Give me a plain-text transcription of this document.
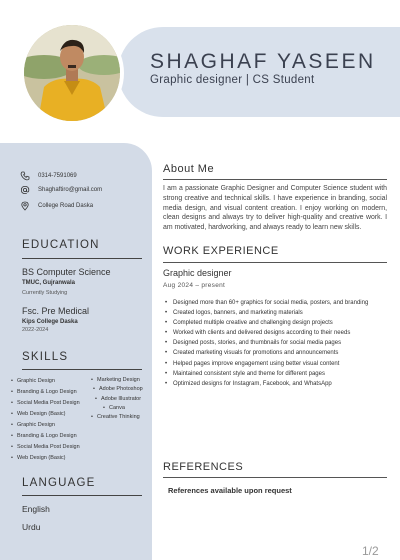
SHAGHAF YASEEN
Graphic designer | CS Student
0314-7591069
Shaghaftiro@gmail.com
College Road Daska
EDUCATION
BS Computer Science
TMUC, Gujranwala
Currently Studying
Fsc. Pre Medical
Kips College Daska
2022-2024
SKILLS
• Graphic Design
• Branding & Logo Design
• Social Media Post Design
• Web Design (Basic)
• Graphic Design
• Branding & Logo Design
• Social Media Post Design
• Web Design (Basic)
• Marketing Design
• Adobe Photoshop
• Adobe Illustrator
• Canva
• Creative Thinking
LANGUAGE
English
Urdu
About Me
I am a passionate Graphic Designer and Computer Science student with strong creative and technical skills. I have experience in branding, social media design, and visual content creation. I enjoy working on modern, clean designs and always try to deliver high-quality and creative work. I am motivated, hardworking, and always ready to learn new skills.
WORK EXPERIENCE
Graphic designer
Aug 2024 – present
• Designed more than 60+ graphics for social media, posters, and branding
• Created logos, banners, and marketing materials
• Completed multiple creative and challenging design projects
• Worked with clients and delivered designs according to their needs
• Designed posts, stories, and thumbnails for social media pages
• Created marketing visuals for promotions and announcements
• Helped pages improve engagement using better visual content
• Maintained consistent style and theme for different pages
• Optimized designs for Instagram, Facebook, and WhatsApp
REFERENCES
References available upon request
1/2
